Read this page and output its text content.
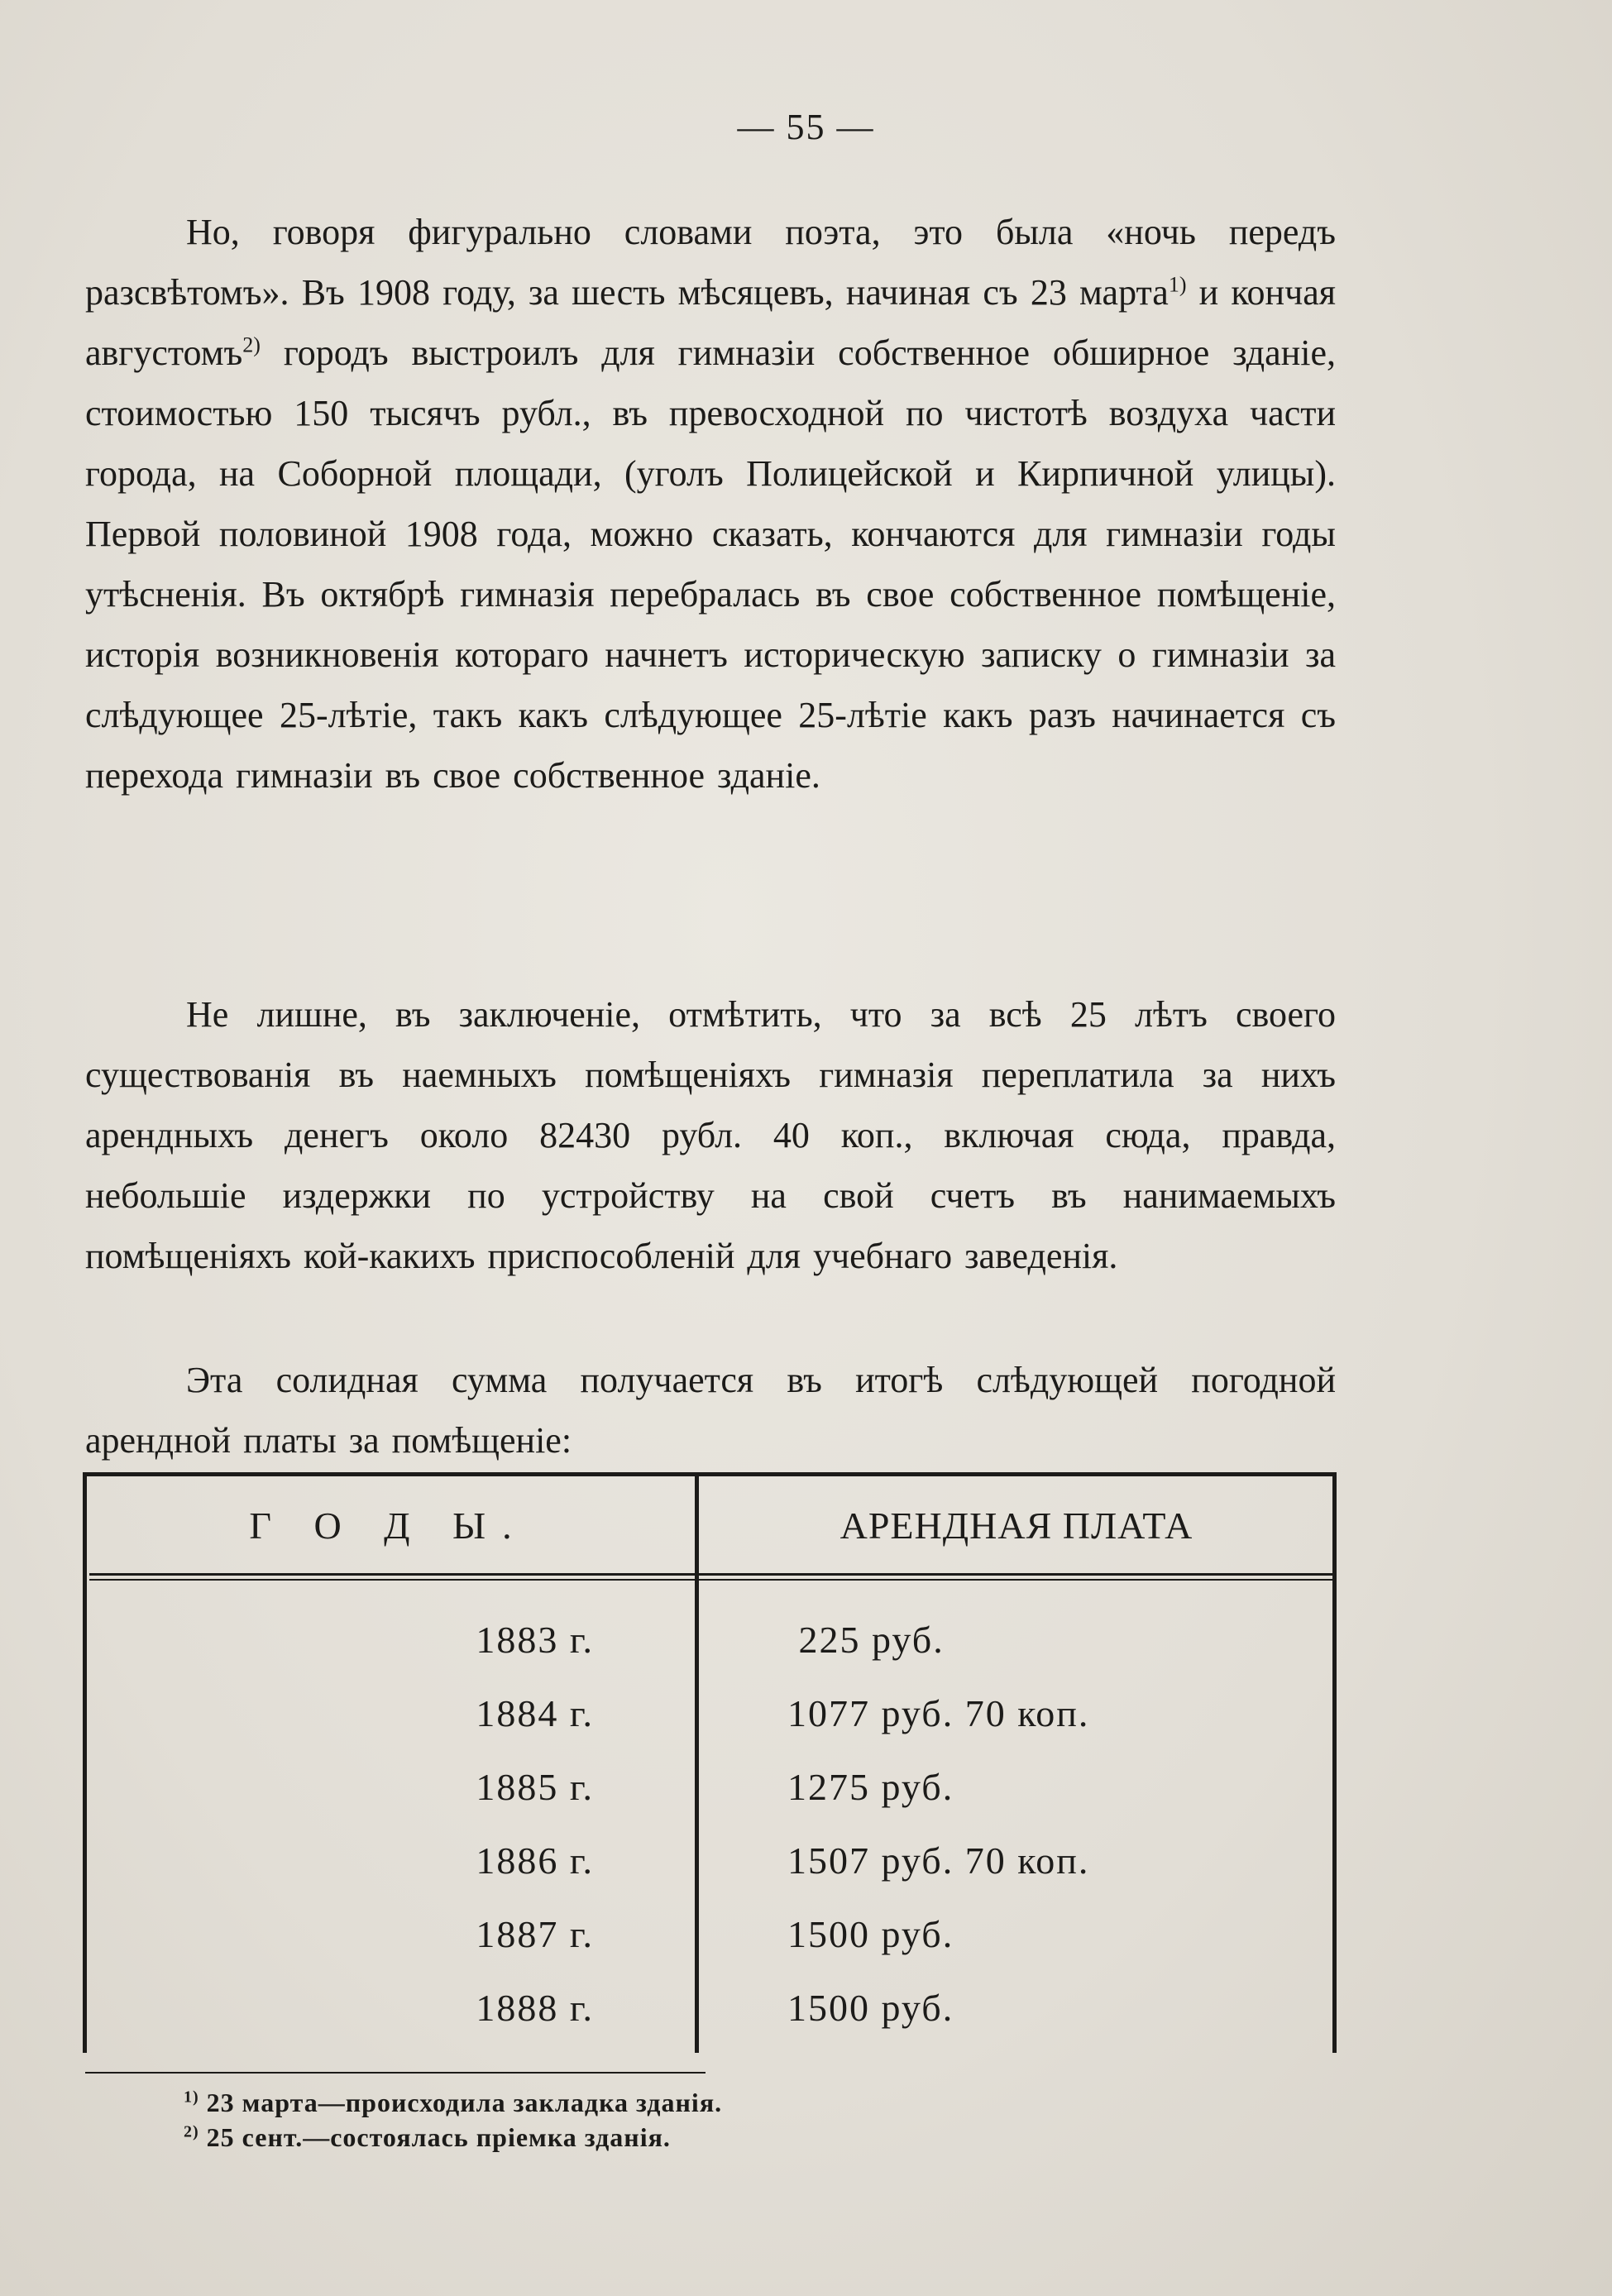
— 55 —

Но, говоря фигурально словами поэта, это была «ночь передъ разсвѣтомъ». Въ 1908 году, за шесть мѣсяцевъ, начиная съ 23 марта$^{1)}$ и кончая августомъ$^{2)}$ городъ выстроилъ для гимназіи собственное обширное зданіе, стоимостью 150 тысячъ рубл., въ превосходной по чистотѣ воздуха части города, на Соборной площади, (уголъ Полицейской и Кирпичной улицы). Первой половиной 1908 года, можно сказать, кончаются для гимназіи годы утѣсненія. Въ октябрѣ гимназія перебралась въ свое собственное помѣщеніе, исторія возникновенія котораго начнетъ историческую записку о гимназіи за слѣдующее 25-лѣтіе, такъ какъ слѣдующее 25-лѣтіе какъ разъ начинается съ перехода гимназіи въ свое собственное зданіе.

Не лишне, въ заключеніе, отмѣтить, что за всѣ 25 лѣтъ своего существованія въ наемныхъ помѣщеніяхъ гимназія переплатила за нихъ арендныхъ денегъ около 82430 рубл. 40 коп., включая сюда, правда, небольшіе издержки по устройству на свой счетъ въ нанимаемыхъ помѣщеніяхъ кой-какихъ приспособленій для учебнаго заведенія.

Эта солидная сумма получается въ итогѣ слѣдующей погодной арендной платы за помѣщеніе:

Г О Д Ы.	АРЕНДНАЯ ПЛАТА
1883 г.	225 руб.
1884 г.	1077 руб. 70 коп.
1885 г.	1275 руб.
1886 г.	1507 руб. 70 коп.
1887 г.	1500 руб.
1888 г.	1500 руб.
$^{1)}$ 23 марта—происходила закладка зданія.
$^{2)}$ 25 сент.—состоялась пріемка зданія.
